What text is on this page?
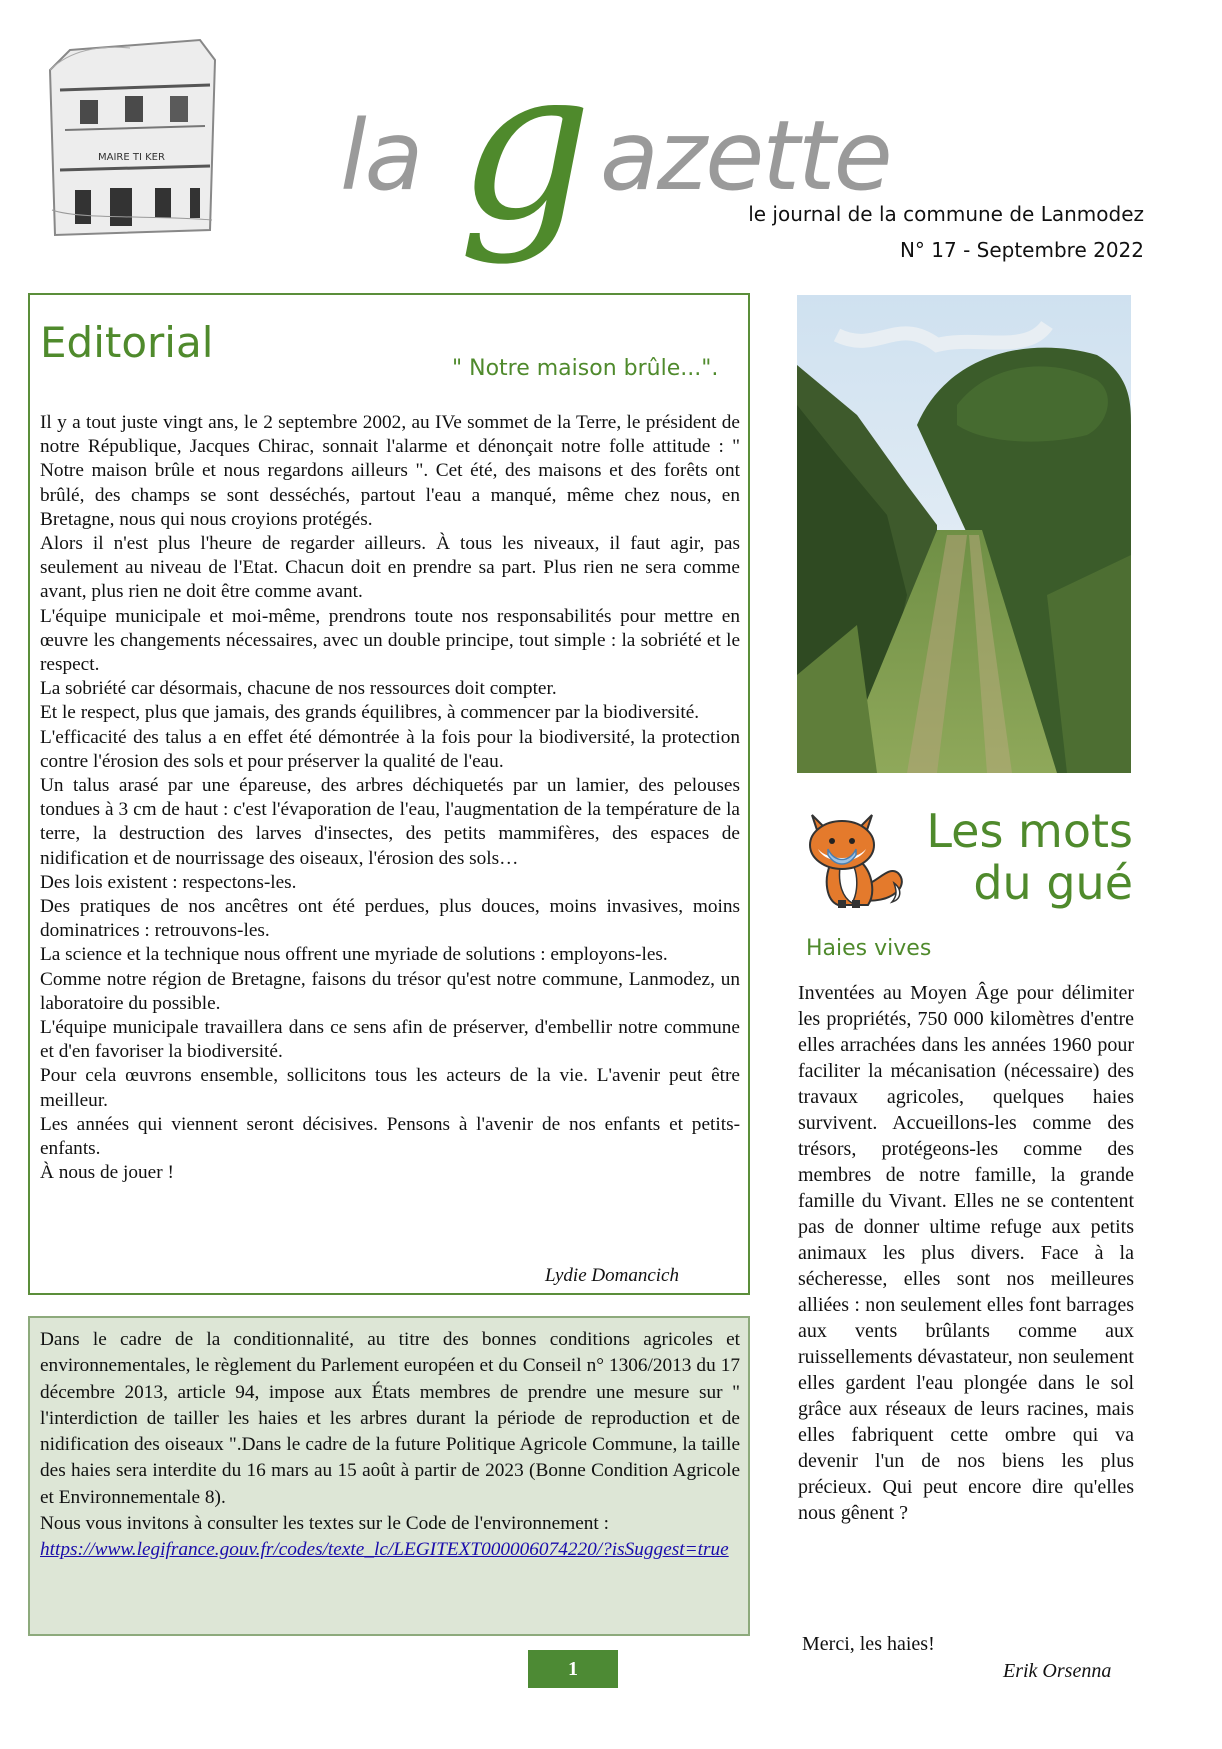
MAIRE TI KER la g azette
le journal de la commune de Lanmodez
N° 17 - Septembre 2022
Editorial
" Notre maison brûle...".

Il y a tout juste vingt ans, le 2 septembre 2002, au IVe sommet de la Terre, le président de notre République, Jacques Chirac, sonnait l'alarme et dénonçait notre folle attitude : " Notre maison brûle et nous regardons ailleurs ". Cet été, des maisons et des forêts ont brûlé, des champs se sont desséchés, partout l'eau a manqué, même chez nous, en Bretagne, nous qui nous croyions protégés.

Alors il n'est plus l'heure de regarder ailleurs. À tous les niveaux, il faut agir, pas seulement au niveau de l'Etat. Chacun doit en prendre sa part. Plus rien ne sera comme avant, plus rien ne doit être comme avant.

L'équipe municipale et moi-même, prendrons toute nos responsabilités pour mettre en œuvre les changements nécessaires, avec un double principe, tout simple : la sobriété et le respect.

La sobriété car désormais, chacune de nos ressources doit compter.

Et le respect, plus que jamais, des grands équilibres, à commencer par la biodiversité.

L'efficacité des talus a en effet été démontrée à la fois pour la biodiversité, la protection contre l'érosion des sols et pour préserver la qualité de l'eau.

Un talus arasé par une épareuse, des arbres déchiquetés par un lamier, des pelouses tondues à 3 cm de haut : c'est l'évaporation de l'eau, l'augmentation de la température de la terre, la destruction des larves d'insectes, des petits mammifères, des espaces de nidification et de nourrissage des oiseaux, l'érosion des sols…

Des lois existent : respectons-les.

Des pratiques de nos ancêtres ont été perdues, plus douces, moins invasives, moins dominatrices : retrouvons-les.

La science et la technique nous offrent une myriade de solutions : employons-les.

Comme notre région de Bretagne, faisons du trésor qu'est notre commune, Lanmodez, un laboratoire du possible.

L'équipe municipale travaillera dans ce sens afin de préserver, d'embellir notre commune et d'en favoriser la biodiversité.

Pour cela œuvrons ensemble, sollicitons tous les acteurs de la vie. L'avenir peut être meilleur.

Les années qui viennent seront décisives. Pensons à l'avenir de nos enfants et petits-enfants.

À nous de jouer !

Lydie Domancich

Dans le cadre de la conditionnalité, au titre des bonnes conditions agricoles et environnementales, le règlement du Parlement européen et du Conseil n° 1306/2013 du 17 décembre 2013, article 94, impose aux États membres de prendre une mesure sur " l'interdiction de tailler les haies et les arbres durant la période de reproduction et de nidification des oiseaux ".Dans le cadre de la future Politique Agricole Commune, la taille des haies sera interdite du 16 mars au 15 août à partir de 2023 (Bonne Condition Agricole et Environnementale 8).

Nous vous invitons à consulter les textes sur le Code de l'environnement :

https://www.legifrance.gouv.fr/codes/texte_lc/LEGITEXT000006074220/?isSuggest=true

1
Les mots
du gué
Haies vives

Inventées au Moyen Âge pour délimiter les propriétés, 750 000 kilomètres d'entre elles arrachées dans les années 1960 pour faciliter la mécanisation (nécessaire) des travaux agricoles, quelques haies survivent. Accueillons-les comme des trésors, protégeons-les comme des membres de notre famille, la grande famille du Vivant. Elles ne se contentent pas de donner ultime refuge aux petits animaux les plus divers. Face à la sécheresse, elles sont nos meilleures alliées : non seulement elles font barrages aux vents brûlants comme aux ruissellements dévastateur, non seulement elles gardent l'eau plongée dans le sol grâce aux réseaux de leurs racines, mais elles fabriquent cette ombre qui va devenir l'un de nos biens les plus précieux. Qui peut encore dire qu'elles nous gênent ?

Merci, les haies!
Erik Orsenna
